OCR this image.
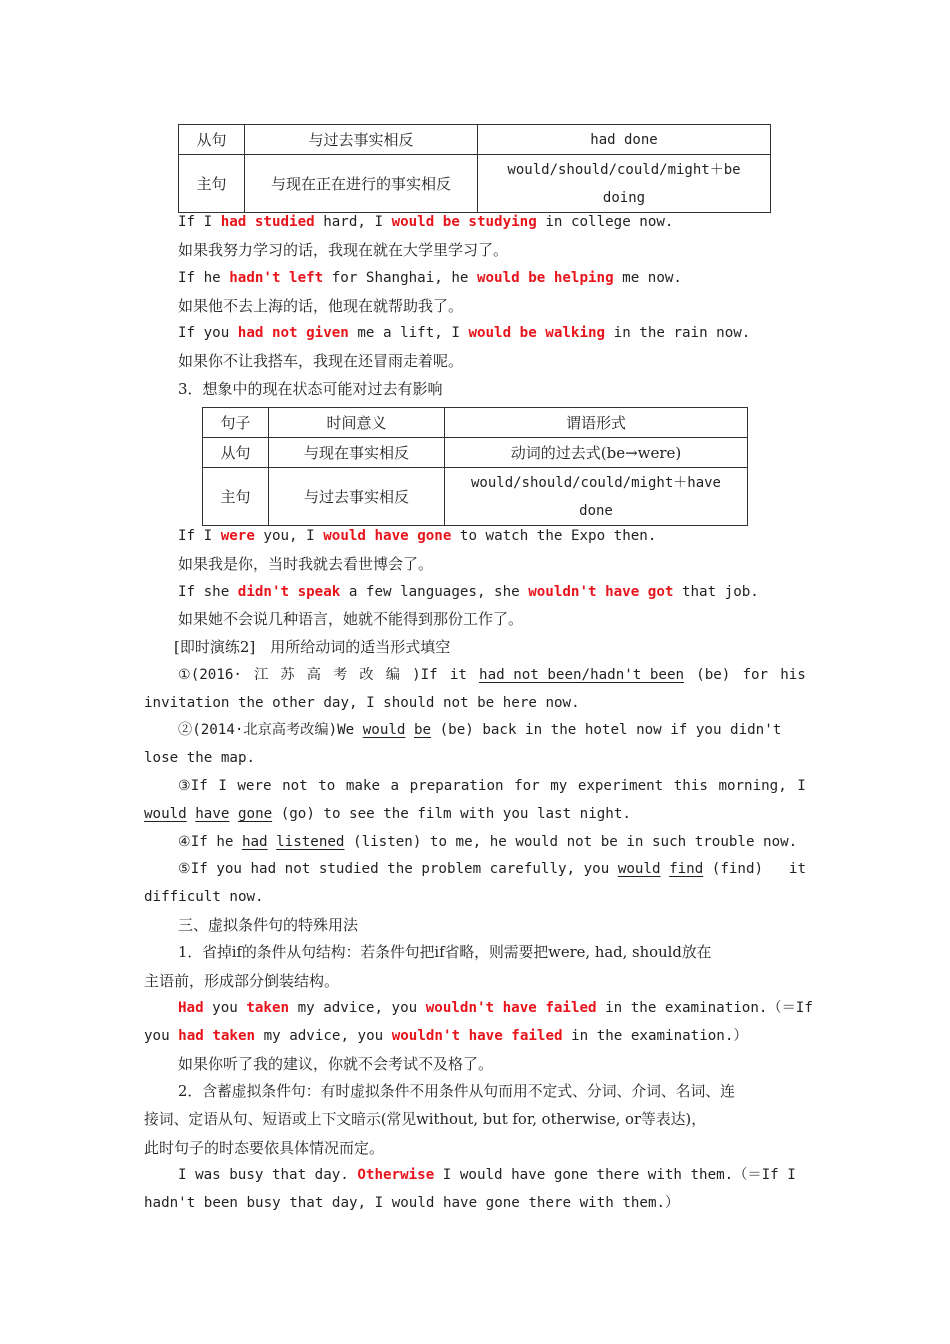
从句	与过去事实相反	had done
主句	与现在正在进行的事实相反	would/should/could/might＋be
doing
If I had studied hard, I would be studying in college now.
如果我努力学习的话，我现在就在大学里学习了。
If he hadn't left for Shanghai, he would be helping me now.
如果他不去上海的话，他现在就帮助我了。
If you had not given me a lift, I would be walking in the rain now.
如果你不让我搭车，我现在还冒雨走着呢。
3．想象中的现在状态可能对过去有影响
句子	时间意义	谓语形式
从句	与现在事实相反	动词的过去式(be→were)
主句	与过去事实相反	would/should/could/might＋have
done
If I were you, I would have gone to watch the Expo then.
如果我是你，当时我就去看世博会了。
If she didn't speak a few languages, she wouldn't have got that job.
如果她不会说几种语言，她就不能得到那份工作了。
[即时演练2]　用所给动词的适当形式填空
①(2016· 江 苏 高 考 改 编 )If it had not been/hadn't been (be) for his
invitation the other day, I should not be here now.
②(2014·北京高考改编)We would be (be) back in the hotel now if you didn't
lose the map.
③If I were not to make a preparation for my experiment this morning, I
would have gone (go) to see the film with you last night.
④If he had listened (listen) to me, he would not be in such trouble now.
⑤If you had not studied the problem carefully, you would find (find) it
difficult now.
三、虚拟条件句的特殊用法
1．省掉if的条件从句结构：若条件句把if省略，则需要把were, had, should放在
主语前，形成部分倒装结构。
Had you taken my advice, you wouldn't have failed in the examination.（＝If
you had taken my advice, you wouldn't have failed in the examination.）
如果你听了我的建议，你就不会考试不及格了。
2．含蓄虚拟条件句：有时虚拟条件不用条件从句而用不定式、分词、介词、名词、连
接词、定语从句、短语或上下文暗示(常见without, but for, otherwise, or等表达)，
此时句子的时态要依具体情况而定。
I was busy that day. Otherwise I would have gone there with them.（＝If I
hadn't been busy that day, I would have gone there with them.）
